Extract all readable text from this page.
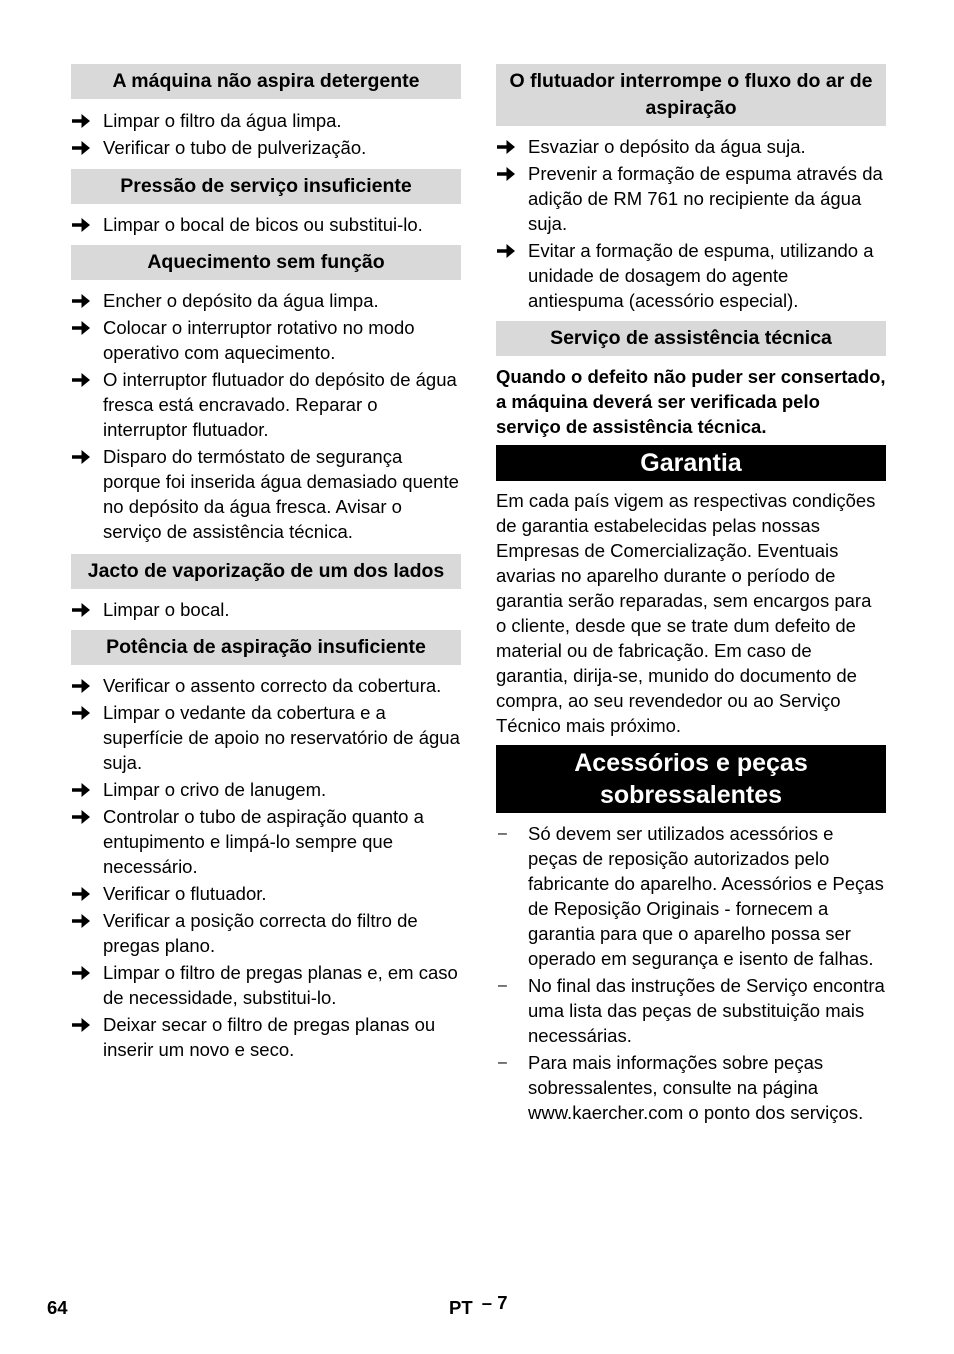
A máquina não aspira detergente
Limpar o filtro da água limpa.
Verificar o tubo de pulverização.
Pressão de serviço insuficiente
Limpar o bocal de bicos ou substitui-lo.
Aquecimento sem função
Encher o depósito da água limpa.
Colocar o interruptor rotativo no modo operativo com aquecimento.
O interruptor flutuador do depósito de água fresca está encravado. Reparar o interruptor flutuador.
Disparo do termóstato de segurança porque foi inserida água demasiado quente no depósito da água fresca. Avisar o serviço de assistência técnica.
Jacto de vaporização de um dos lados
Limpar o bocal.
Potência de aspiração insuficiente
Verificar o assento correcto da cobertura.
Limpar o vedante da cobertura e a superfície de apoio no reservatório de água suja.
Limpar o crivo de lanugem.
Controlar o tubo de aspiração quanto a entupimento e limpá-lo sempre que necessário.
Verificar o flutuador.
Verificar a posição correcta do filtro de pregas plano.
Limpar o filtro de pregas planas e, em caso de necessidade, substitui-lo.
Deixar secar o filtro de pregas planas ou inserir um novo e seco.
O flutuador interrompe o fluxo do ar de aspiração
Esvaziar o depósito da água suja.
Prevenir a formação de espuma através da adição de RM 761 no recipiente da água suja.
Evitar a formação de espuma, utilizando a unidade de dosagem do agente antiespuma (acessório especial).
Serviço de assistência técnica

Quando o defeito não puder ser consertado, a máquina deverá ser verificada pelo serviço de assistência técnica.

Garantia

Em cada país vigem as respectivas condições de garantia estabelecidas pelas nossas Empresas de Comercialização. Eventuais avarias no aparelho durante o período de garantia serão reparadas, sem encargos para o cliente, desde que se trate dum defeito de material ou de fabricação. Em caso de garantia, dirija-se, munido do documento de compra, ao seu revendedor ou ao Serviço Técnico mais próximo.

Acessórios e peças sobressalentes
–	Só devem ser utilizados acessórios e peças de reposição autorizados pelo fabricante do aparelho. Acessórios e Peças de Reposição Originais - fornecem a garantia para que o aparelho possa ser operado em segurança e isento de falhas.
–	No final das instruções de Serviço encontra uma lista das peças de substituição mais necessárias.
–	Para mais informações sobre peças sobressalentes, consulte na página www.kaercher.com o ponto dos serviços.
64	PT – 7
